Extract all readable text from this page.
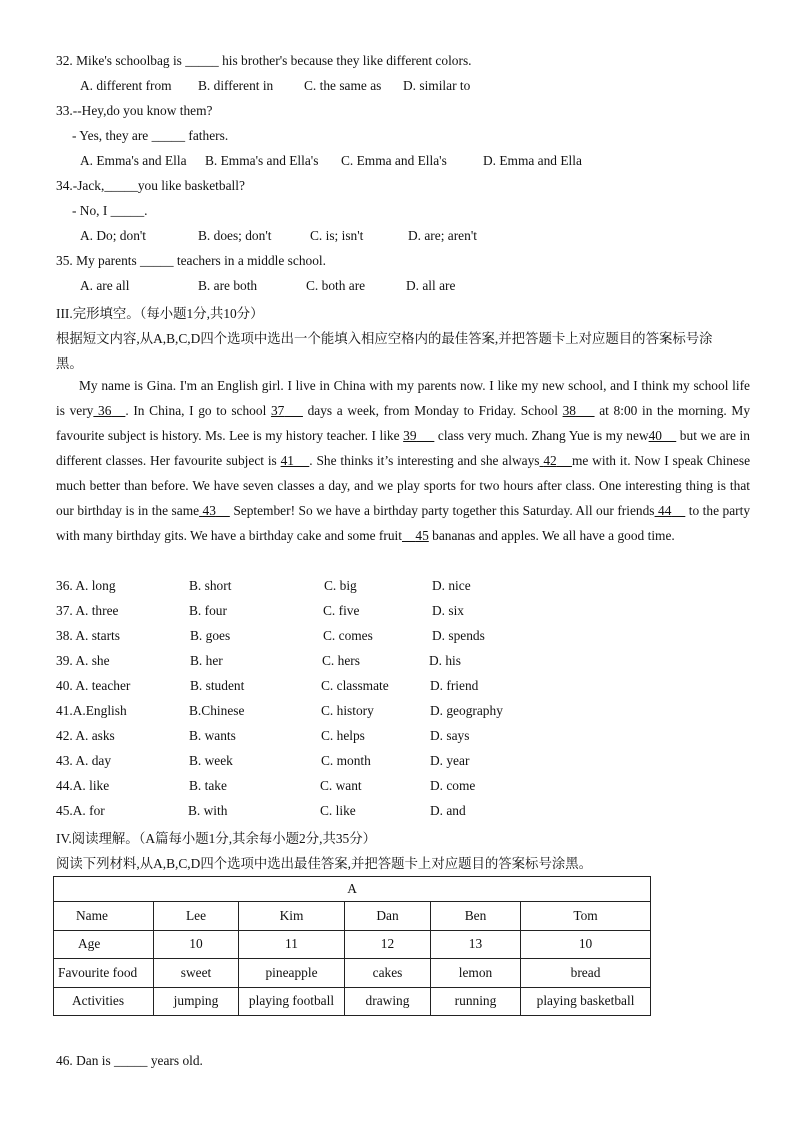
32. Mike's schoolbag is _____ his brother's because they like different colors.
A. different from B. different in C. the same as D. similar to
33.--Hey,do you know them?
- Yes, they are _____ fathers.
A. Emma's and Ella B. Emma's and Ella's C. Emma and Ella's	D. Emma and Ella
34.-Jack,_____you like basketball?
- No, I _____.
A. Do; don't	B. does; don't	C. is; isn't	D. are; aren't
35. My parents _____ teachers in a middle school.
A. are all	B. are both	C. both are	D. all are
III.完形填空。（每小题1分,共10分）
根据短文内容,从A,B,C,D四个选项中选出一个能填入相应空格内的最佳答案,并把答题卡上对应题目的答案标号涂
黑。
My name is Gina. I'm an English girl. I live in China with my parents now. I like my new school, and I think my school life is very 36 . In China, I go to school 37 days a week, from Monday to Friday. School 38 at 8:00 in the morning. My favourite subject is history. Ms. Lee is my history teacher. I like 39 class very much. Zhang Yue is my new40 but we are in different classes. Her favourite subject is 41 . She thinks it’s interesting and she always 42 me with it. Now I speak Chinese much better than before. We have seven classes a day, and we play sports for two hours after class. One interesting thing is that our birthday is in the same 43 September! So we have a birthday party together this Saturday. All our friends 44 to the party with many birthday gits. We have a birthday cake and some fruit 45 bananas and apples. We all have a good time.
36. A. long	B. short	C. big	D. nice
37. A. three	B. four	C. five	D. six
38. A. starts	B. goes	C. comes	D. spends
39. A. she	B. her	C. hers	D. his
40. A. teacher	B. student	C. classmate	D. friend
41.A.English	B.Chinese	C. history	D. geography
42. A. asks	B. wants	C. helps	D. says
43. A. day	B. week	C. month	D. year
44.A. like	B. take	C. want	D. come
45.A. for	B. with	C. like	D. and
IV.阅读理解。（A篇每小题1分,其余每小题2分,共35分）
阅读下列材料,从A,B,C,D四个选项中选出最佳答案,并把答题卡上对应题目的答案标号涂黑。
A					
Name	Lee	Kim	Dan	Ben	Tom
Age	10	11	12	13	10
Favourite food	sweet	pineapple	cakes	lemon	bread
Activities	jumping	playing football	drawing	running	playing basketball
46. Dan is _____ years old.
